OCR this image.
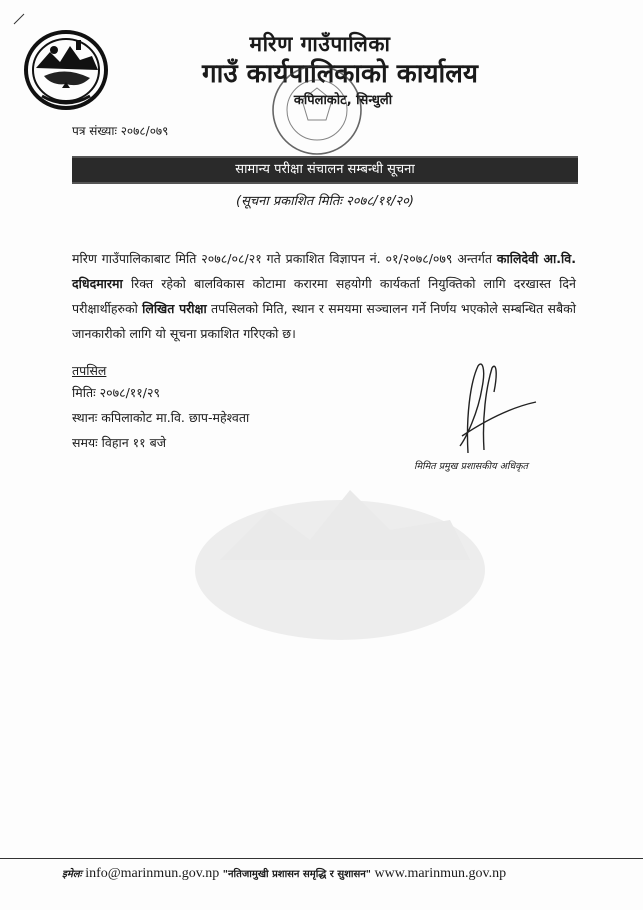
मरिण गाउँपालिका
गाउँ कार्यपालिकाको कार्यालय
कपिलाकोट, सिन्धुली
पत्र संख्याः २०७८/०७९
सामान्य परीक्षा संचालन सम्बन्धी सूचना
(सूचना प्रकाशित मितिः २०७८/११/२०)
मरिण गाउँपालिकाबाट मिति २०७८/०८/२१ गते प्रकाशित विज्ञापन नं. ०१/२०७८/०७९ अन्तर्गत कालिदेवी आ.वि. दधिदमारमा रिक्त रहेको बालविकास कोटामा करारमा सहयोगी कार्यकर्ता नियुक्तिको लागि दरखास्त दिने परीक्षार्थीहरुको लिखित परीक्षा तपसिलको मिति, स्थान र समयमा सञ्चालन गर्ने निर्णय भएकोले सम्बन्धित सबैको जानकारीको लागि यो सूचना प्रकाशित गरिएको छ।
तपसिल
मितिः २०७८/११/२९
स्थानः कपिलाकोट मा.वि. छाप-महेश्वता
समयः विहान ११ बजे
मिमित प्रमुख प्रशासकीय अधिकृत
इमेलः info@marinmun.gov.np "नतिजामुखी प्रशासन समृद्धि र सुशासन" www.marinmun.gov.np
